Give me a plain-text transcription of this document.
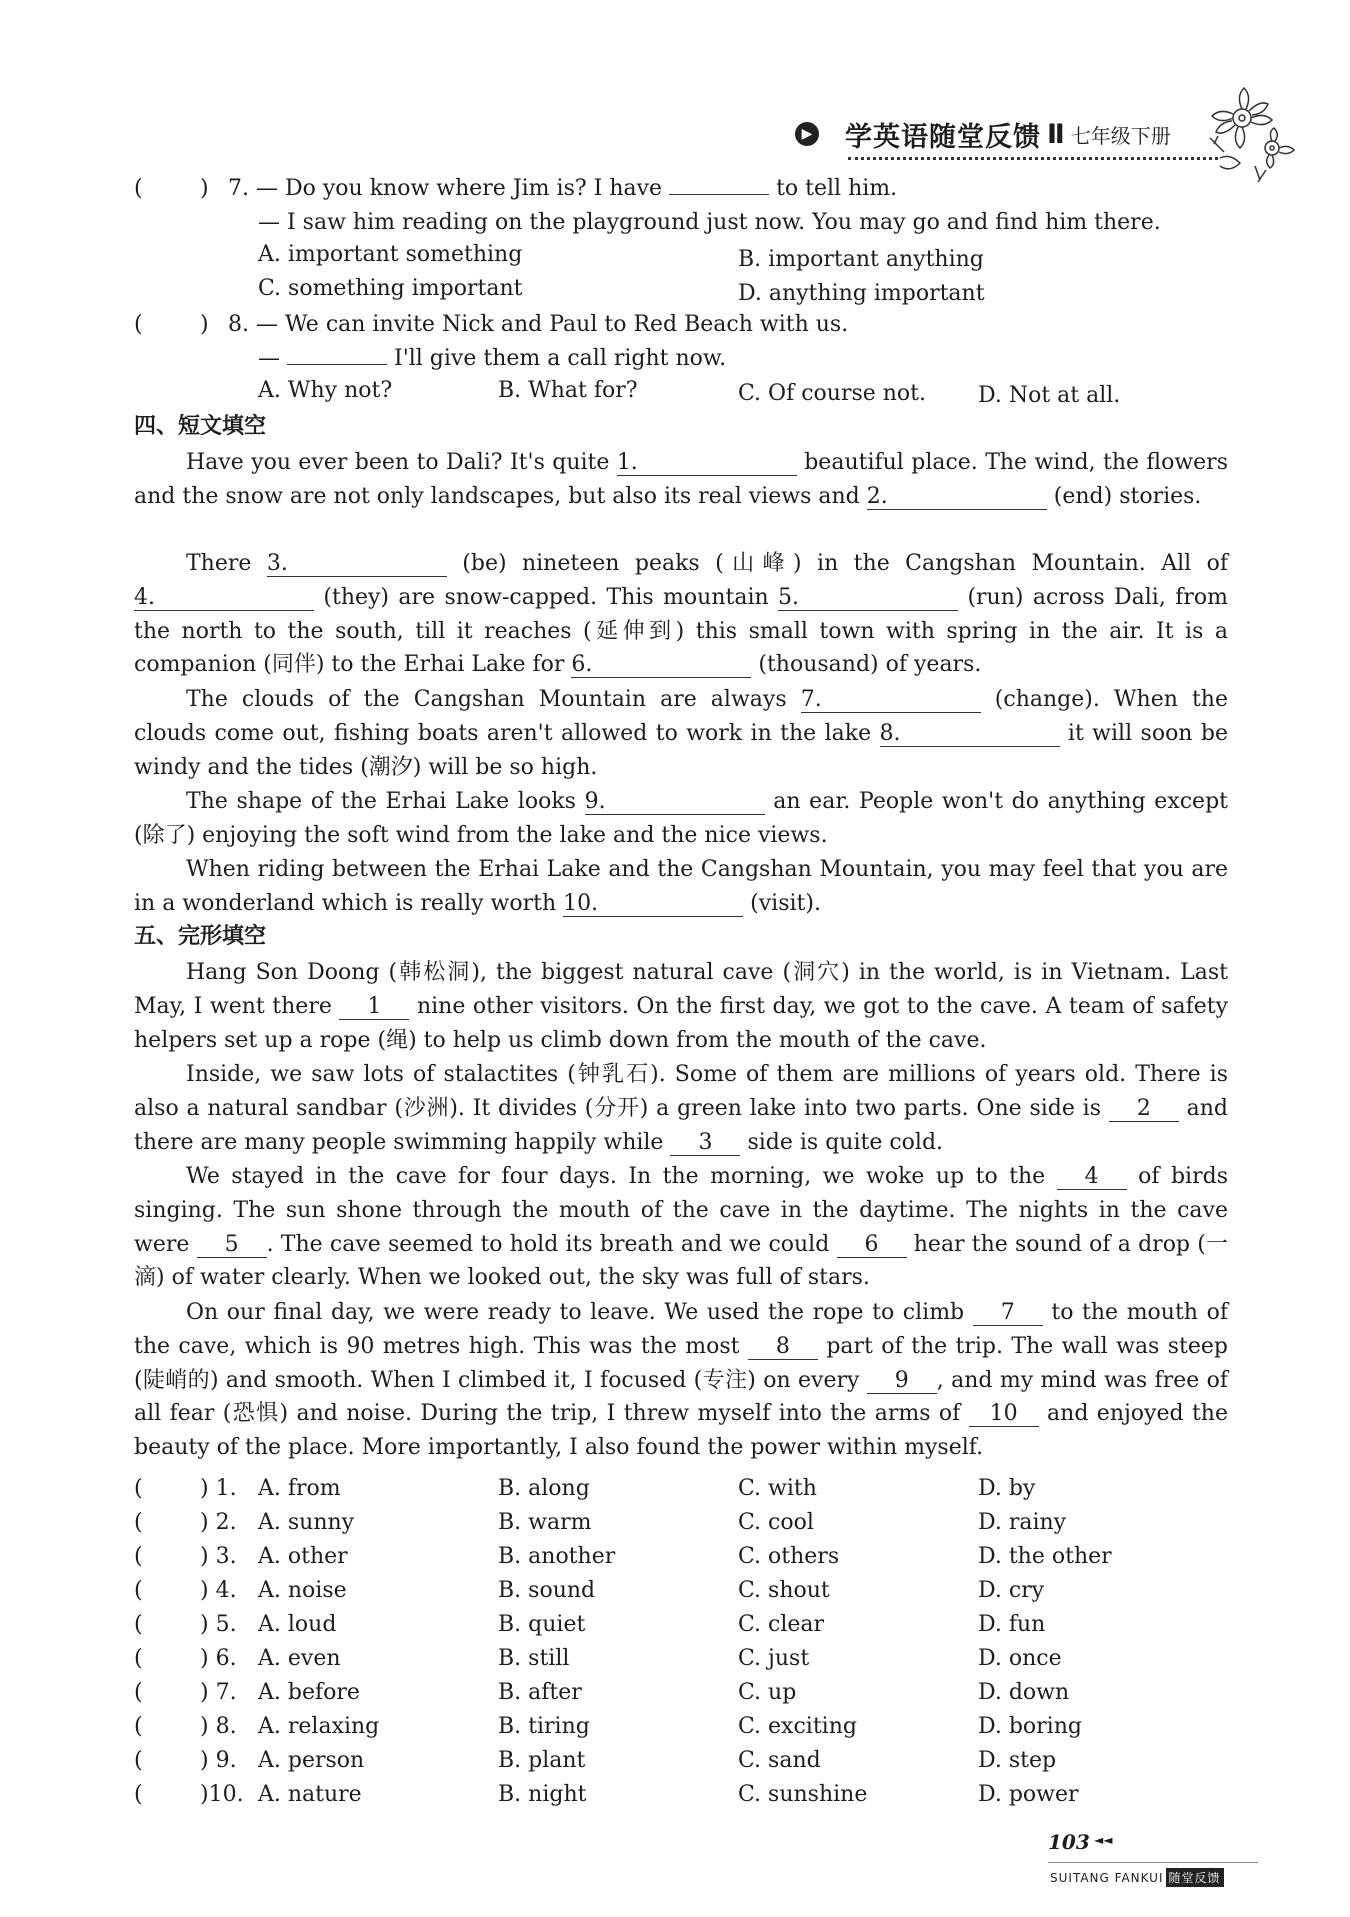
▶ 学英语随堂反馈 Ⅱ 七年级下册
(	) 7. — Do you know where Jim is? I have	to tell him.
— I saw him reading on the playground just now. You may go and find him there.
A. important something	B. important anything
C. something important	D. anything important
(	) 8. — We can invite Nick and Paul to Red Beach with us.
—	I'll give them a call right now.
A. Why not?	B. What for?	C. Of course not. D. Not at all.
四、短文填空
Have you ever been to Dali? It's quite 1.	beautiful place. The wind, the flowers and the snow are not only landscapes, but also its real views and 2.	(end) stories.
There 3.	(be) nineteen peaks (山峰) in the Cangshan Mountain. All of 4.	(they) are snow-capped. This mountain 5.	(run) across Dali, from the north to the south, till it reaches (延伸到) this small town with spring in the air. It is a companion (同伴) to the Erhai Lake for 6.	(thousand) of years.
The clouds of the Cangshan Mountain are always 7.	(change). When the clouds come out, fishing boats aren't allowed to work in the lake 8.	it will soon be windy and the tides (潮汐) will be so high.
The shape of the Erhai Lake looks 9.	an ear. People won't do anything except (除了) enjoying the soft wind from the lake and the nice views.
When riding between the Erhai Lake and the Cangshan Mountain, you may feel that you are in a wonderland which is really worth 10.	(visit).
五、完形填空
Hang Son Doong (韩松洞), the biggest natural cave (洞穴) in the world, is in Vietnam. Last May, I went there 1 nine other visitors. On the first day, we got to the cave. A team of safety helpers set up a rope (绳) to help us climb down from the mouth of the cave.
Inside, we saw lots of stalactites (钟乳石). Some of them are millions of years old. There is also a natural sandbar (沙洲). It divides (分开) a green lake into two parts. One side is 2 and there are many people swimming happily while 3 side is quite cold.
We stayed in the cave for four days. In the morning, we woke up to the 4 of birds singing. The sun shone through the mouth of the cave in the daytime. The nights in the cave were 5 . The cave seemed to hold its breath and we could 6 hear the sound of a drop (一滴) of water clearly. When we looked out, the sky was full of stars.
On our final day, we were ready to leave. We used the rope to climb 7 to the mouth of the cave, which is 90 metres high. This was the most 8 part of the trip. The wall was steep (陡峭的) and smooth. When I climbed it, I focused (专注) on every 9 , and my mind was free of all fear (恐惧) and noise. During the trip, I threw myself into the arms of 10 and enjoyed the beauty of the place. More importantly, I also found the power within myself.
(	) 1. A. from	B. along	C. with	D. by
(	) 2. A. sunny	B. warm	C. cool	D. rainy
(	) 3. A. other	B. another	C. others	D. the other
(	) 4. A. noise	B. sound	C. shout	D. cry
(	) 5. A. loud	B. quiet	C. clear	D. fun
(	) 6. A. even	B. still	C. just	D. once
(	) 7. A. before	B. after	C. up	D. down
(	) 8. A. relaxing	B. tiring	C. exciting	D. boring
(	) 9. A. person	B. plant	C. sand	D. step
(	)10. A. nature	B. night	C. sunshine	D. power
103 ◄◄
SUITANG FANKUI 随堂反馈
